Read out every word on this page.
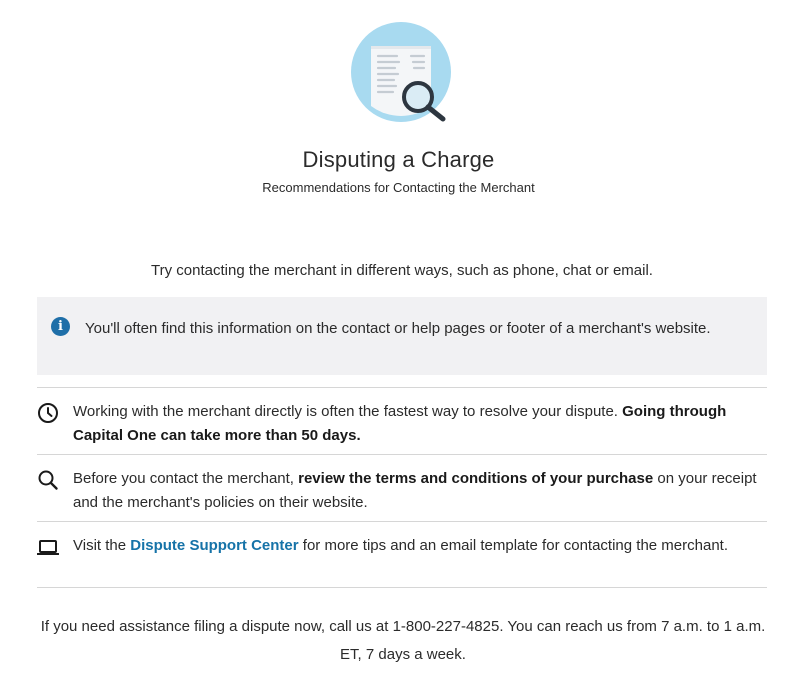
Disputing a Charge
Recommendations for Contacting the Merchant

Try contacting the merchant in different ways, such as phone, chat or email.

i	You'll often find this information on the contact or help pages or footer of a merchant's website.
Working with the merchant directly is often the fastest way to resolve your dispute. Going through Capital One can take more than 50 days.
Before you contact the merchant, review the terms and conditions of your purchase on your receipt and the merchant's policies on their website.
Visit the Dispute Support Center for more tips and an email template for contacting the merchant.

If you need assistance filing a dispute now, call us at 1-800-227-4825. You can reach us from 7 a.m. to 1 a.m. ET, 7 days a week.
